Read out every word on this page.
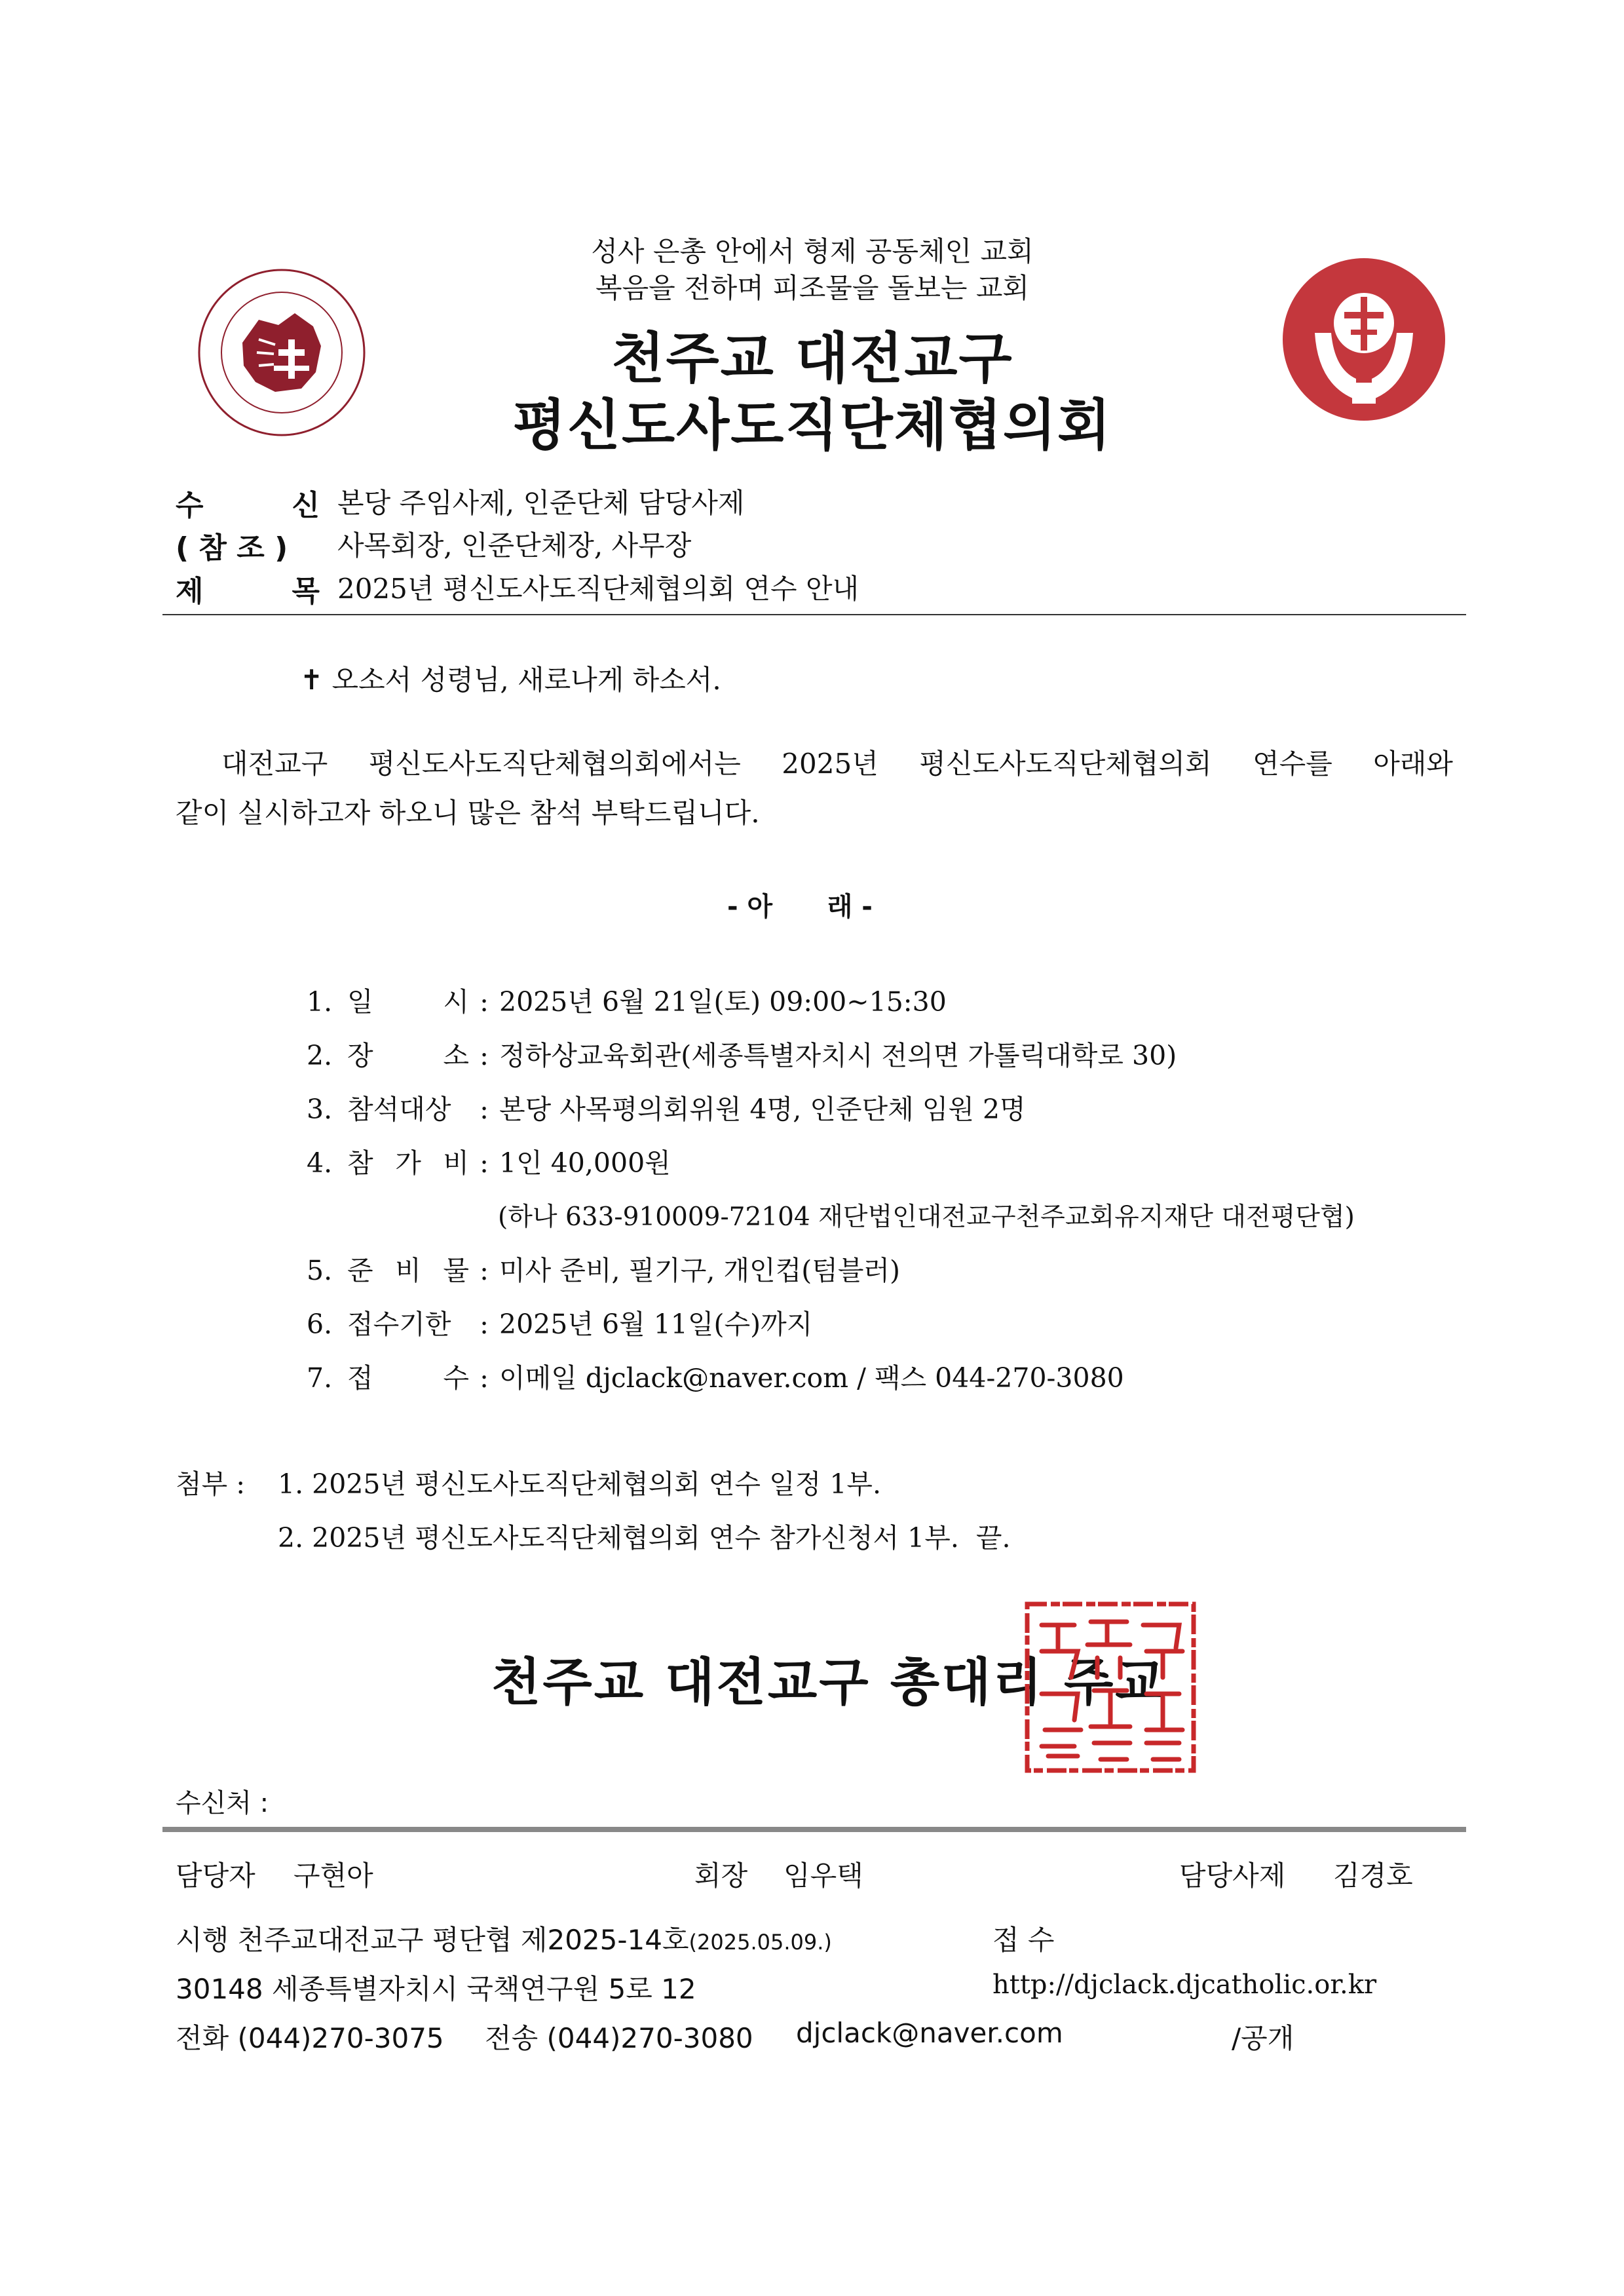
성사 은총 안에서 형제 공동체인 교회
복음을 전하며 피조물을 돌보는 교회
천주교 대전교구
평신도사도직단체협의회
수	신 본당 주임사제, 인준단체 담당사제
( 참 조 )	사목회장, 인준단체장, 사무장
제	목 2025년 평신도사도직단체협의회 연수 안내
✝ 오소서 성령님, 새로나게 하소서.
대전교구 평신도사도직단체협의회에서는 2025년 평신도사도직단체협의회 연수를 아래와
같이 실시하고자 하오니 많은 참석 부탁드립니다.
- 아      래 -
1. 일	시 : 2025년 6월 21일(토) 09:00~15:30
2. 장	소 : 정하상교육회관(세종특별자치시 전의면 가톨릭대학로 30)
3. 참석대상 : 본당 사목평의회위원 4명, 인준단체 임원 2명
4. 참 가 비 : 1인 40,000원
5. 준 비 물 : 미사 준비, 필기구, 개인컵(텀블러)
6. 접수기한 : 2025년 6월 11일(수)까지
7. 접	수 : 이메일 djclack@naver.com / 팩스 044-270-3080
(하나 633-910009-72104 재단법인대전교구천주교회유지재단 대전평단협)
첨부 : 1. 2025년 평신도사도직단체협의회 연수 일정 1부.
2. 2025년 평신도사도직단체협의회 연수 참가신청서 1부.  끝.
천주교 대전교구 총대리 주교
수신처 :
담당자 구현아	회장 임우택	담당사제 김경호
시행 천주교대전교구 평단협 제2025-14호(2025.05.09.)	접 수
30148 세종특별자치시 국책연구원 5로 12	http://djclack.djcatholic.or.kr
전화 (044)270-3075 전송 (044)270-3080 djclack@naver.com	/공개
